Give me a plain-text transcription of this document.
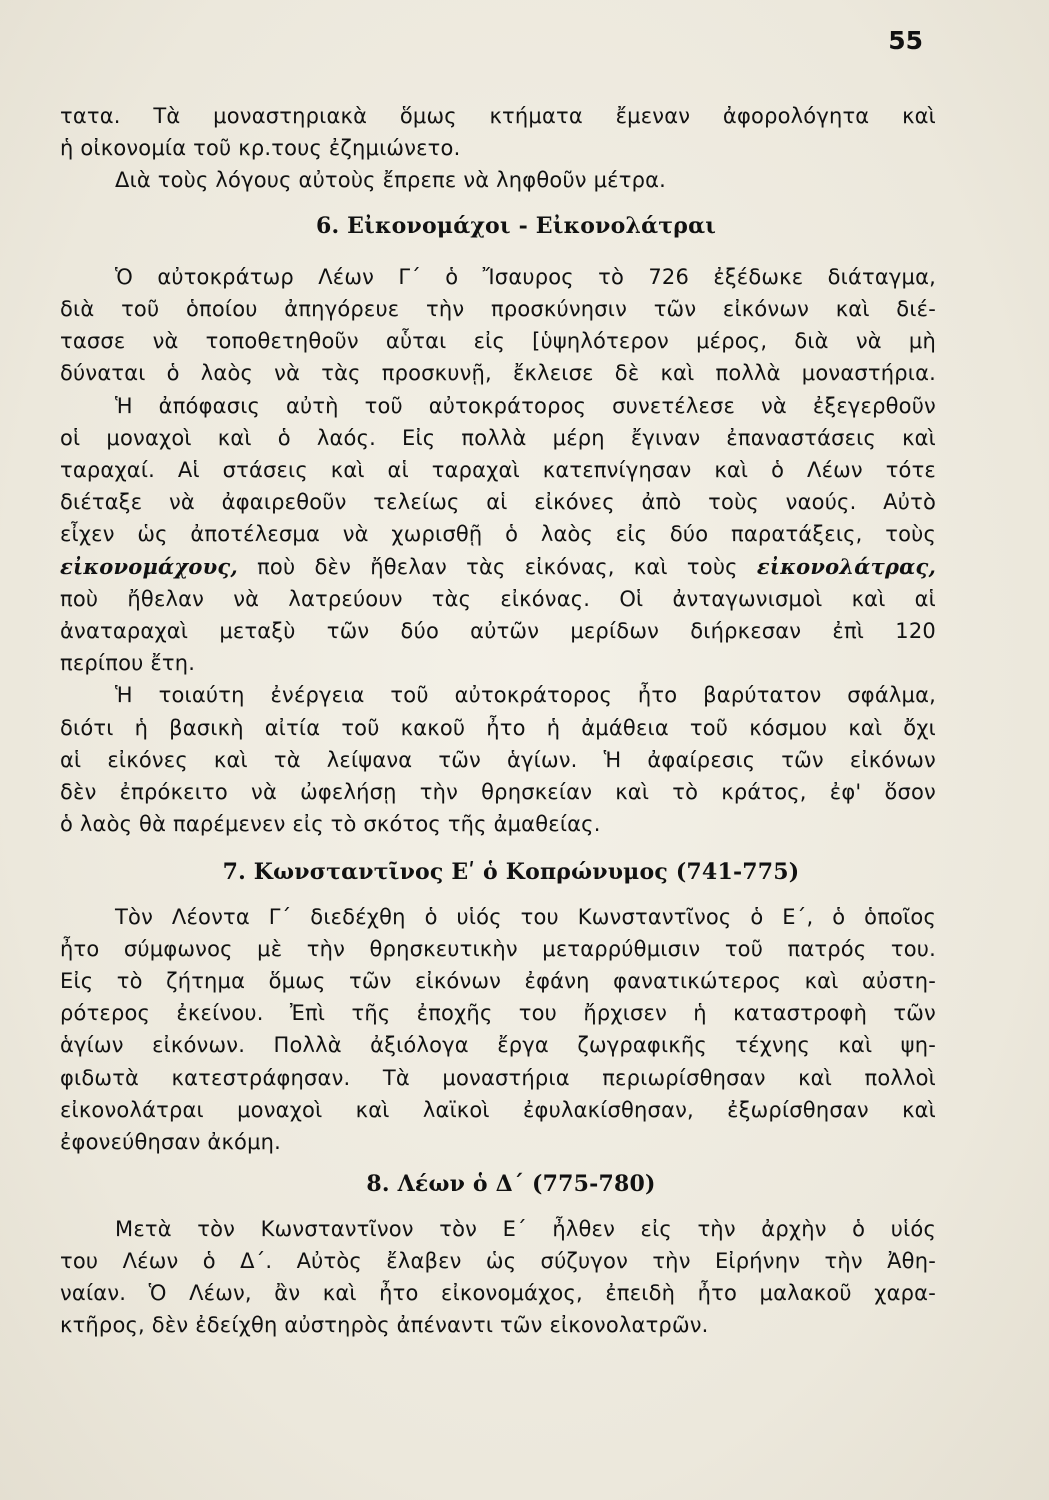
55
τατα. Τὰ μοναστηριακὰ ὅμως κτήματα ἔμεναν ἀφορολόγητα καὶ
ἡ οἰκονομία τοῦ κρ.τους ἐζημιώνετο.
Διὰ τοὺς λόγους αὐτοὺς ἔπρεπε νὰ ληφθοῦν μέτρα.
6. Εἰκονομάχοι - Εἰκονολάτραι
Ὁ αὐτοκράτωρ Λέων Γ΄ ὁ Ἴσαυρος τὸ 726 ἐξέδωκε διάταγμα,
διὰ τοῦ ὁποίου ἀπηγόρευε τὴν προσκύνησιν τῶν εἰκόνων καὶ διέ-
τασσε νὰ τοποθετηθοῦν αὗται εἰς [ὑψηλότερον μέρος, διὰ νὰ μὴ
δύναται ὁ λαὸς νὰ τὰς προσκυνῇ, ἔκλεισε δὲ καὶ πολλὰ μοναστήρια.
Ἡ ἀπόφασις αὐτὴ τοῦ αὐτοκράτορος συνετέλεσε νὰ ἐξεγερθοῦν
οἱ μοναχοὶ καὶ ὁ λαός. Εἰς πολλὰ μέρη ἔγιναν ἐπαναστάσεις καὶ
ταραχαί. Αἱ στάσεις καὶ αἱ ταραχαὶ κατεπνίγησαν καὶ ὁ Λέων τότε
διέταξε νὰ ἀφαιρεθοῦν τελείως αἱ εἰκόνες ἀπὸ τοὺς ναούς. Αὐτὸ
εἶχεν ὡς ἀποτέλεσμα νὰ χωρισθῇ ὁ λαὸς εἰς δύο παρατάξεις, τοὺς
εἰκονομάχους, ποὺ δὲν ἤθελαν τὰς εἰκόνας, καὶ τοὺς εἰκονολάτρας,
ποὺ ἤθελαν νὰ λατρεύουν τὰς εἰκόνας. Οἱ ἀνταγωνισμοὶ καὶ αἱ
ἀναταραχαὶ μεταξὺ τῶν δύο αὐτῶν μερίδων διήρκεσαν ἐπὶ 120
περίπου ἔτη.
Ἡ τοιαύτη ἐνέργεια τοῦ αὐτοκράτορος ἦτο βαρύτατον σφάλμα,
διότι ἡ βασικὴ αἰτία τοῦ κακοῦ ἦτο ἡ ἀμάθεια τοῦ κόσμου καὶ ὄχι
αἱ εἰκόνες καὶ τὰ λείψανα τῶν ἁγίων. Ἡ ἀφαίρεσις τῶν εἰκόνων
δὲν ἐπρόκειτο νὰ ὠφελήσῃ τὴν θρησκείαν καὶ τὸ κράτος, ἐφ' ὅσον
ὁ λαὸς θὰ παρέμενεν εἰς τὸ σκότος τῆς ἀμαθείας.
7. Κωνσταντῖνος Εʹ ὁ Κοπρώνυμος (741-775)
Τὸν Λέοντα Γ΄ διεδέχθη ὁ υἱός του Κωνσταντῖνος ὁ Ε΄, ὁ ὁποῖος
ἦτο σύμφωνος μὲ τὴν θρησκευτικὴν μεταρρύθμισιν τοῦ πατρός του.
Εἰς τὸ ζήτημα ὅμως τῶν εἰκόνων ἐφάνη φανατικώτερος καὶ αὐστη-
ρότερος ἐκείνου. Ἐπὶ τῆς ἐποχῆς του ἤρχισεν ἡ καταστροφὴ τῶν
ἁγίων εἰκόνων. Πολλὰ ἀξιόλογα ἔργα ζωγραφικῆς τέχνης καὶ ψη-
φιδωτὰ κατεστράφησαν. Τὰ μοναστήρια περιωρίσθησαν καὶ πολλοὶ
εἰκονολάτραι μοναχοὶ καὶ λαϊκοὶ ἐφυλακίσθησαν, ἐξωρίσθησαν καὶ
ἐφονεύθησαν ἀκόμη.
8. Λέων ὁ Δ΄ (775-780)
Μετὰ τὸν Κωνσταντῖνον τὸν Ε΄ ἦλθεν εἰς τὴν ἀρχὴν ὁ υἱός
του Λέων ὁ Δ΄. Αὐτὸς ἔλαβεν ὡς σύζυγον τὴν Εἰρήνην τὴν Ἀθη-
ναίαν. Ὁ Λέων, ἂν καὶ ἦτο εἰκονομάχος, ἐπειδὴ ἦτο μαλακοῦ χαρα-
κτῆρος, δὲν ἐδείχθη αὐστηρὸς ἀπέναντι τῶν εἰκονολατρῶν.
